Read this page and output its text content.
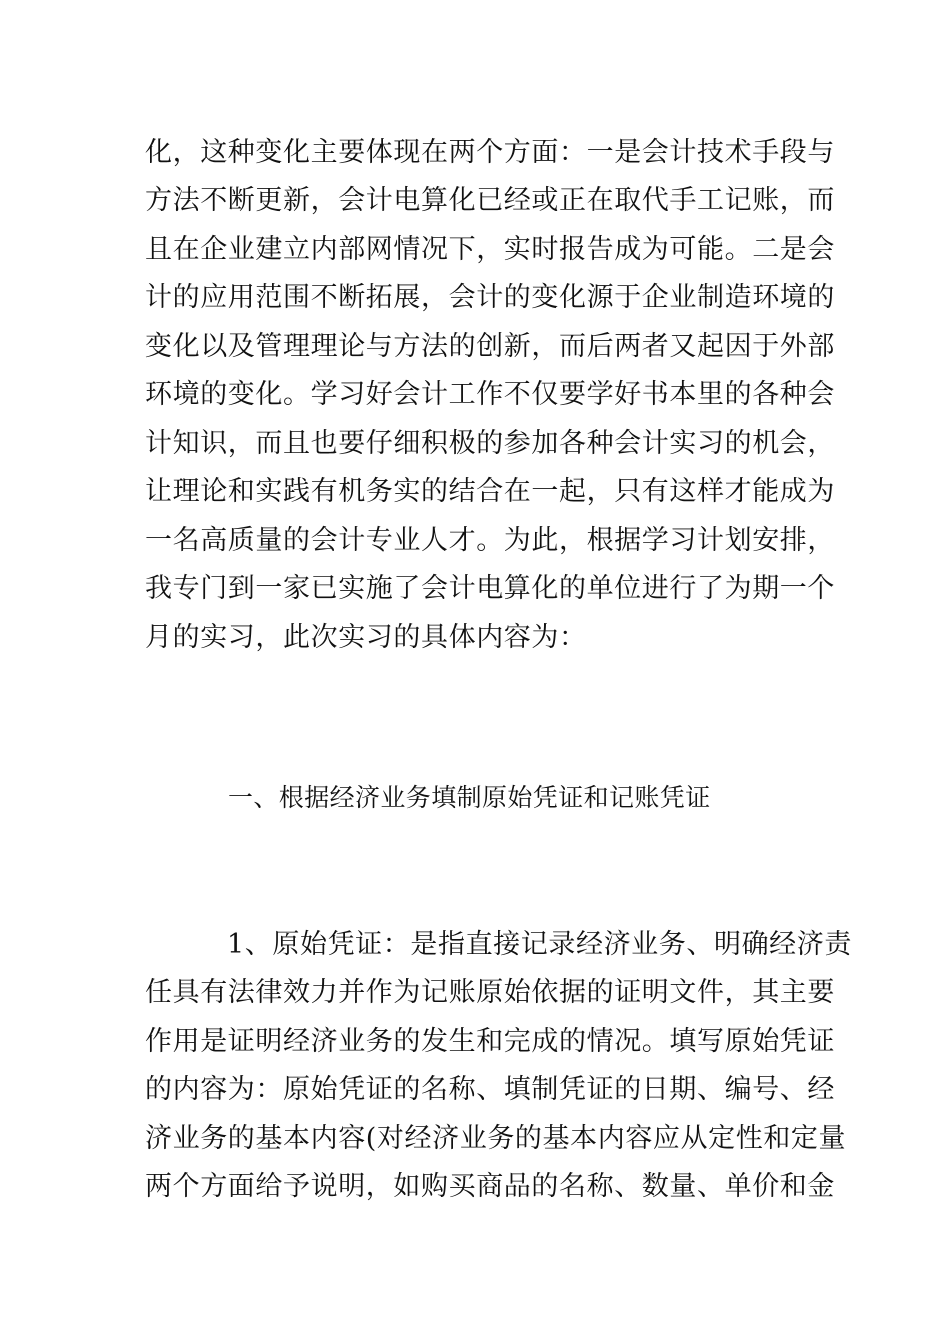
化，这种变化主要体现在两个方面：一是会计技术手段与
方法不断更新，会计电算化已经或正在取代手工记账，而
且在企业建立内部网情况下，实时报告成为可能。二是会
计的应用范围不断拓展，会计的变化源于企业制造环境的
变化以及管理理论与方法的创新，而后两者又起因于外部
环境的变化。学习好会计工作不仅要学好书本里的各种会
计知识，而且也要仔细积极的参加各种会计实习的机会，
让理论和实践有机务实的结合在一起，只有这样才能成为
一名高质量的会计专业人才。为此，根据学习计划安排，
我专门到一家已实施了会计电算化的单位进行了为期一个
月的实习，此次实习的具体内容为：
一、根据经济业务填制原始凭证和记账凭证
1、原始凭证：是指直接记录经济业务、明确经济责
任具有法律效力并作为记账原始依据的证明文件，其主要
作用是证明经济业务的发生和完成的情况。填写原始凭证
的内容为：原始凭证的名称、填制凭证的日期、编号、经
济业务的基本内容(对经济业务的基本内容应从定性和定量
两个方面给予说明，如购买商品的名称、数量、单价和金
